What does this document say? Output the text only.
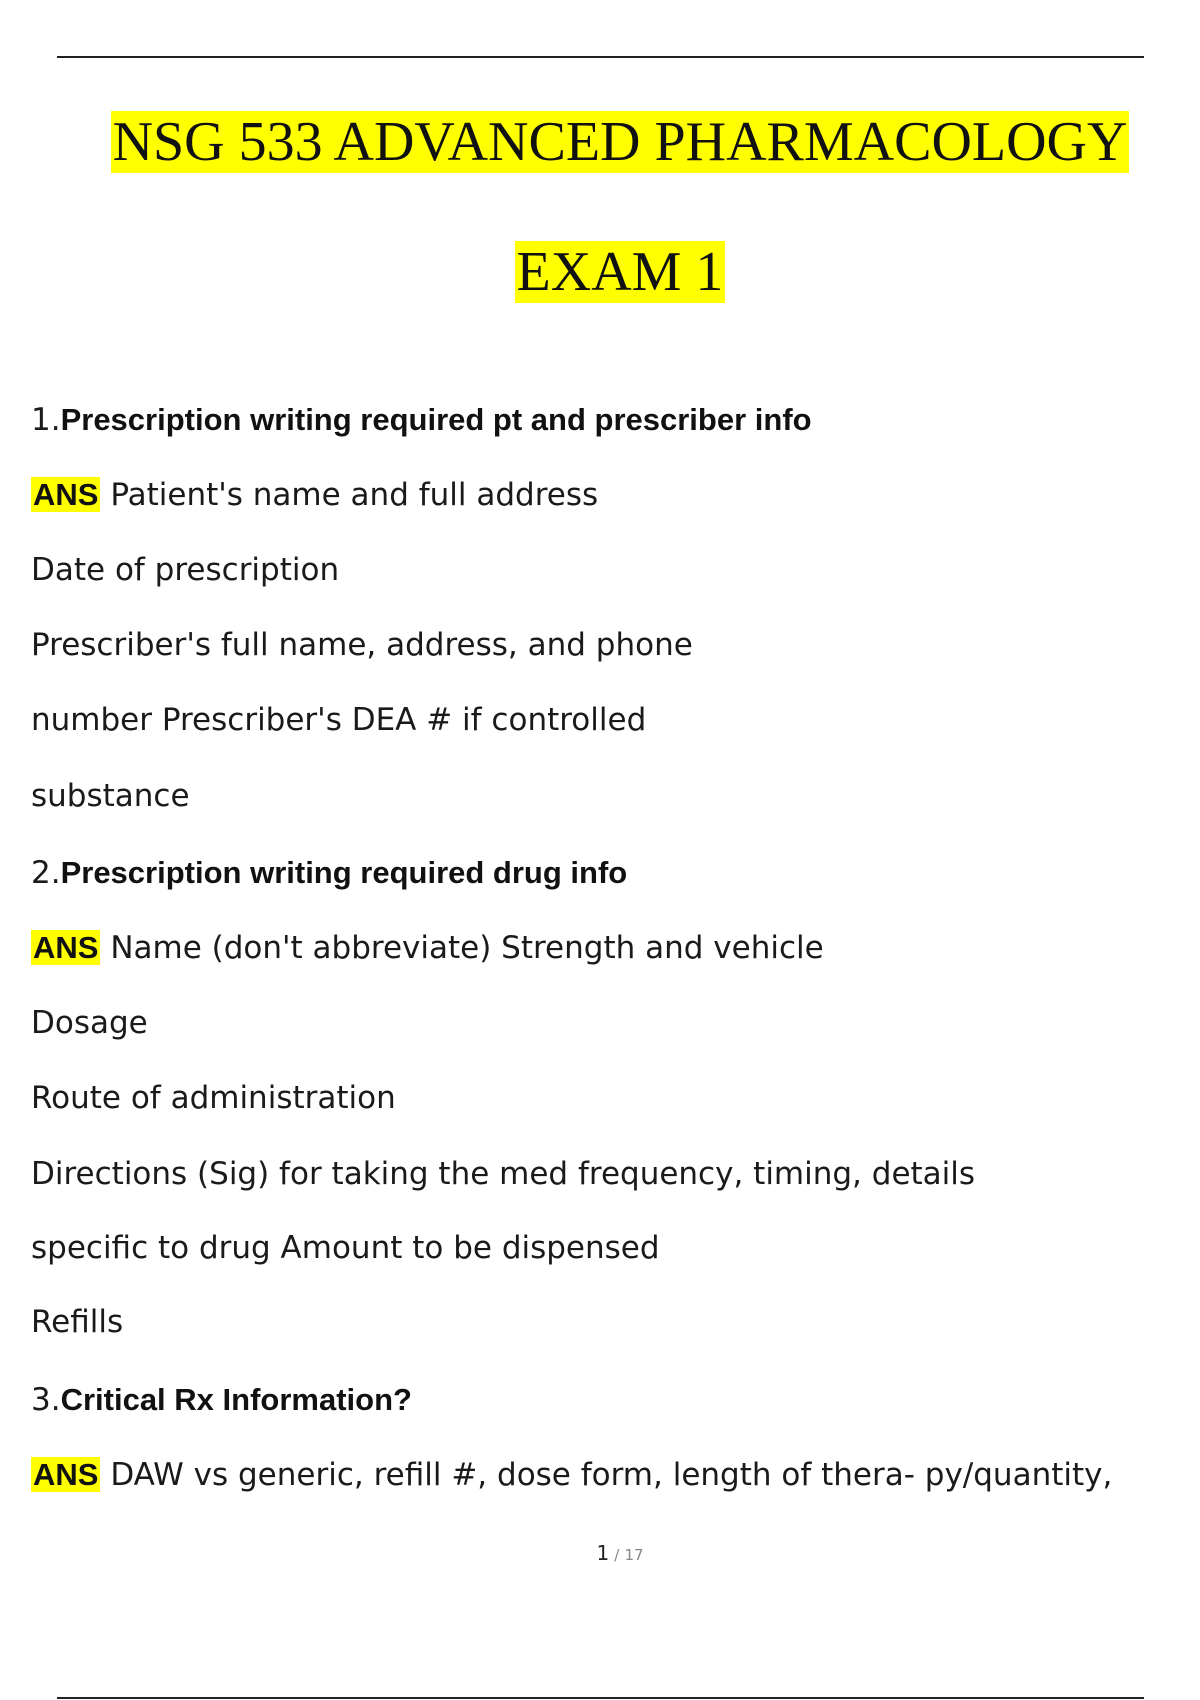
NSG 533 ADVANCED PHARMACOLOGY
EXAM 1
1.Prescription writing required pt and prescriber info
ANS Patient's name and full address
Date of prescription
Prescriber's full name, address, and phone
number Prescriber's DEA # if controlled
substance
2.Prescription writing required drug info
ANS Name (don't abbreviate) Strength and vehicle
Dosage
Route of administration
Directions (Sig) for taking the med frequency, timing, details
specific to drug Amount to be dispensed
Refills
3.Critical Rx Information?
ANS DAW vs generic, refill #, dose form, length of thera- py/quantity,
1 / 17
